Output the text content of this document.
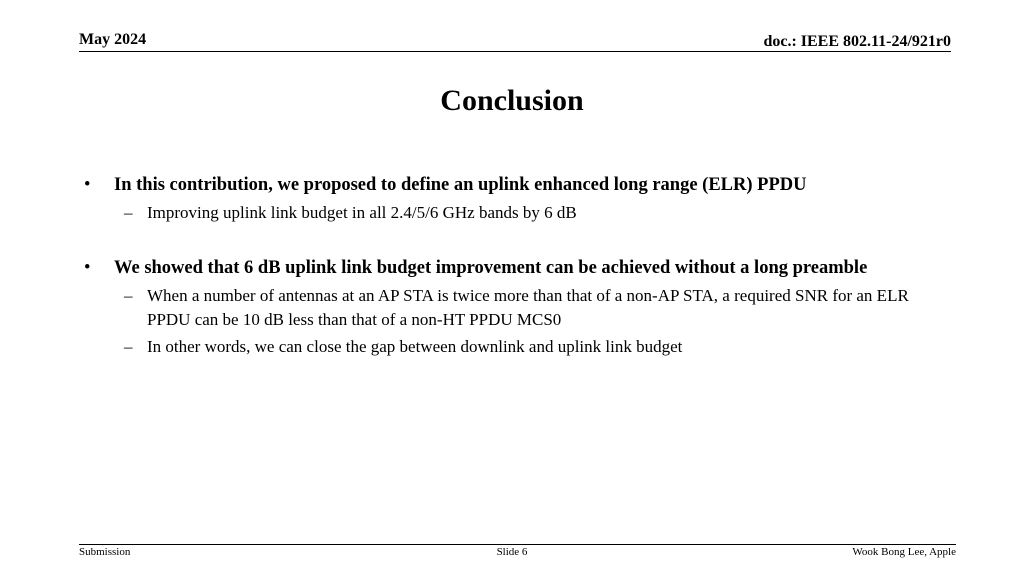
May 2024	doc.: IEEE 802.11-24/921r0
Conclusion
• In this contribution, we proposed to define an uplink enhanced long range (ELR) PPDU
– Improving uplink link budget in all 2.4/5/6 GHz bands by 6 dB
• We showed that 6 dB uplink link budget improvement can be achieved without a long preamble
– When a number of antennas at an AP STA is twice more than that of a non-AP STA, a required SNR for an ELR PPDU can be 10 dB less than that of a non-HT PPDU MCS0
– In other words, we can close the gap between downlink and uplink link budget
Submission	Slide 6	Wook Bong Lee, Apple
